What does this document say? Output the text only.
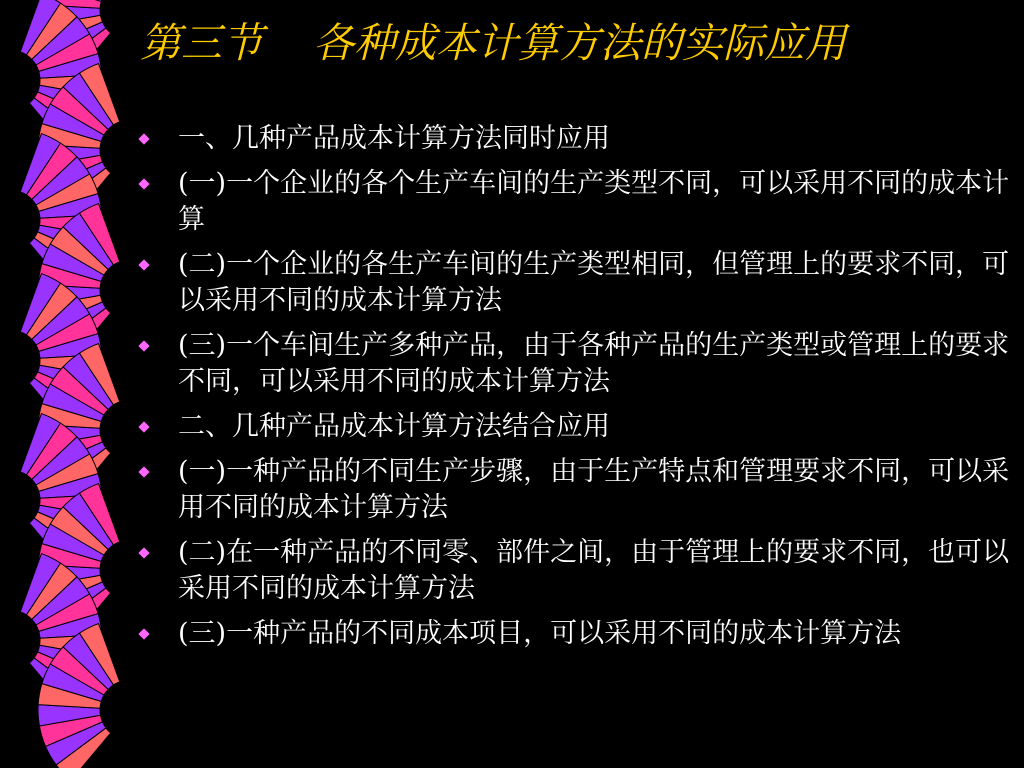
第三节 各种成本计算方法的实际应用
一、几种产品成本计算方法同时应用
(一)一个企业的各个生产车间的生产类型不同，可以采用不同的成本计算
(二)一个企业的各生产车间的生产类型相同，但管理上的要求不同，可以采用不同的成本计算方法
(三)一个车间生产多种产品，由于各种产品的生产类型或管理上的要求不同，可以采用不同的成本计算方法
二、几种产品成本计算方法结合应用
(一)一种产品的不同生产步骤，由于生产特点和管理要求不同，可以采用不同的成本计算方法
(二)在一种产品的不同零、部件之间，由于管理上的要求不同，也可以采用不同的成本计算方法
(三)一种产品的不同成本项目，可以采用不同的成本计算方法
